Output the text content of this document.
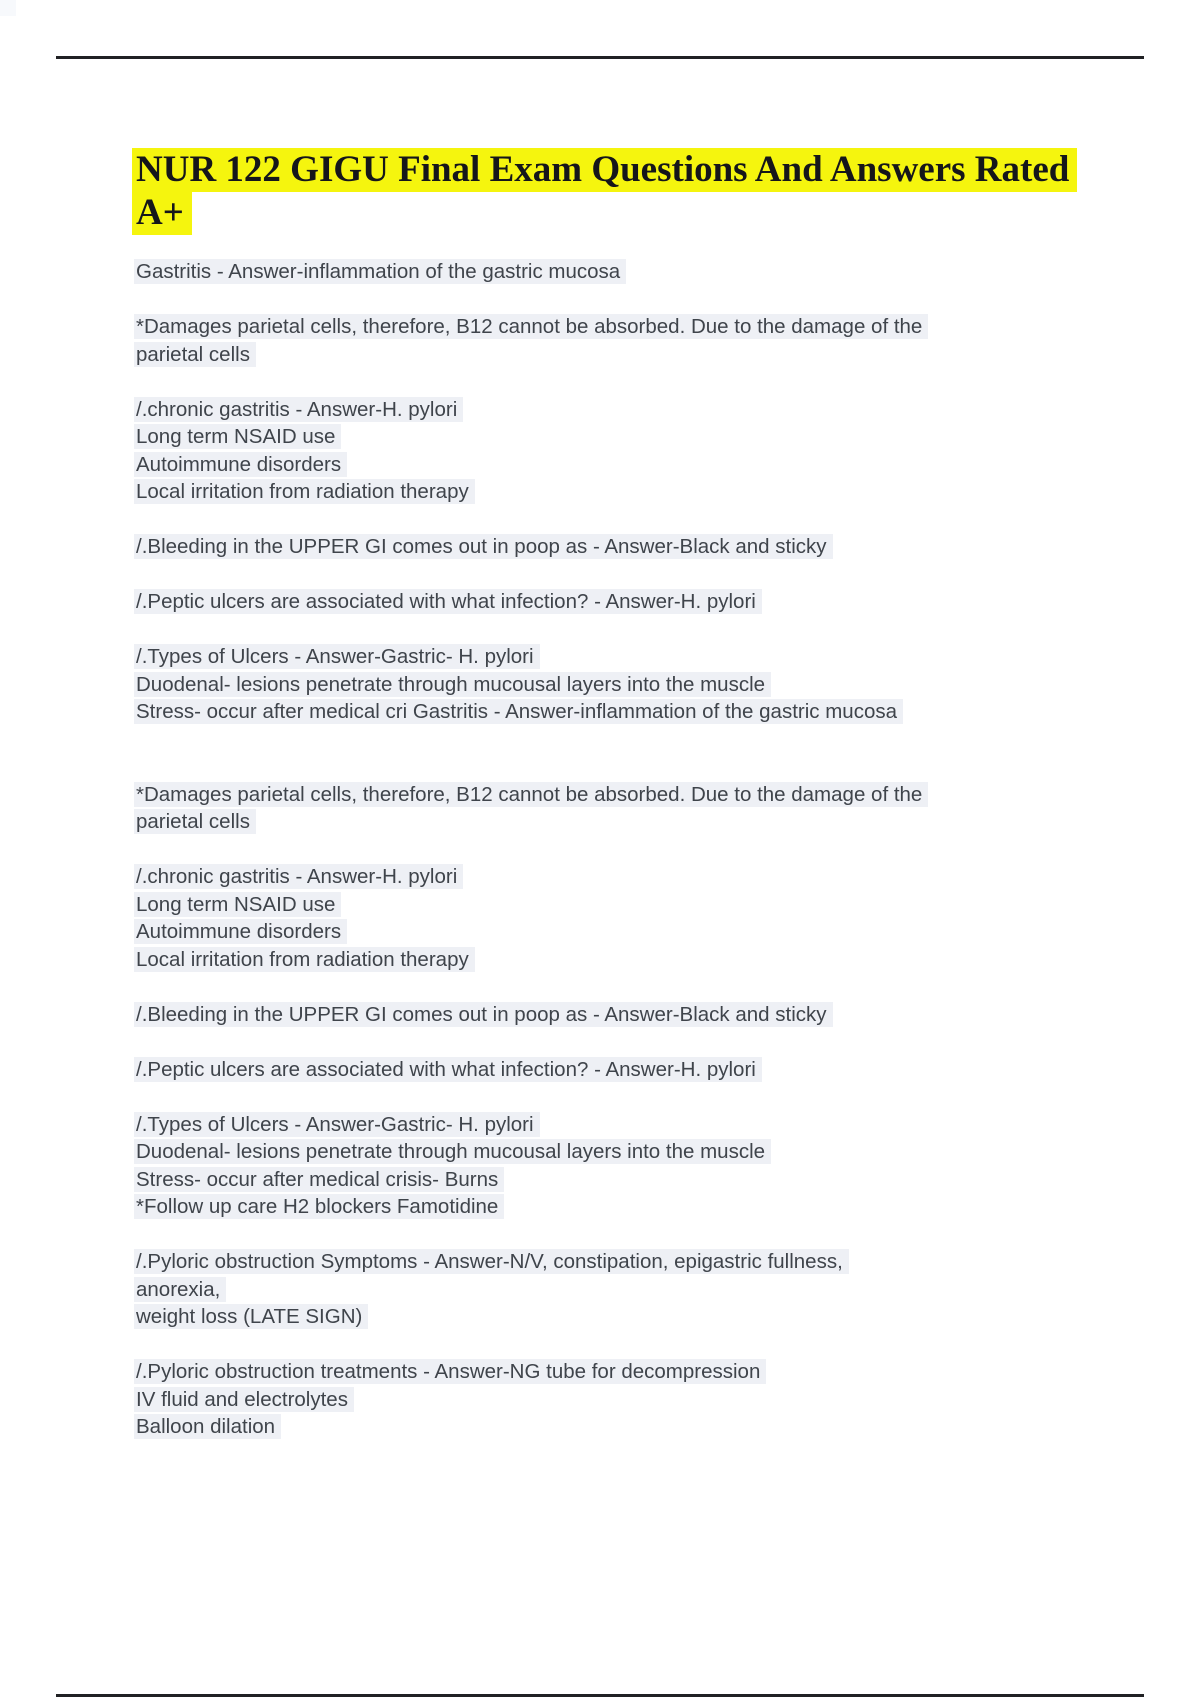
NUR 122 GIGU Final Exam Questions And Answers Rated
A+
Gastritis - Answer-inflammation of the gastric mucosa
*Damages parietal cells, therefore, B12 cannot be absorbed. Due to the damage of the
parietal cells
/.chronic gastritis - Answer-H. pylori
Long term NSAID use
Autoimmune disorders
Local irritation from radiation therapy
/.Bleeding in the UPPER GI comes out in poop as - Answer-Black and sticky
/.Peptic ulcers are associated with what infection? - Answer-H. pylori
/.Types of Ulcers - Answer-Gastric- H. pylori
Duodenal- lesions penetrate through mucousal layers into the muscle
Stress- occur after medical cri Gastritis - Answer-inflammation of the gastric mucosa
*Damages parietal cells, therefore, B12 cannot be absorbed. Due to the damage of the
parietal cells
/.chronic gastritis - Answer-H. pylori
Long term NSAID use
Autoimmune disorders
Local irritation from radiation therapy
/.Bleeding in the UPPER GI comes out in poop as - Answer-Black and sticky
/.Peptic ulcers are associated with what infection? - Answer-H. pylori
/.Types of Ulcers - Answer-Gastric- H. pylori
Duodenal- lesions penetrate through mucousal layers into the muscle
Stress- occur after medical crisis- Burns
*Follow up care H2 blockers Famotidine
/.Pyloric obstruction Symptoms - Answer-N/V, constipation, epigastric fullness,
anorexia,
weight loss (LATE SIGN)
/.Pyloric obstruction treatments - Answer-NG tube for decompression
IV fluid and electrolytes
Balloon dilation
